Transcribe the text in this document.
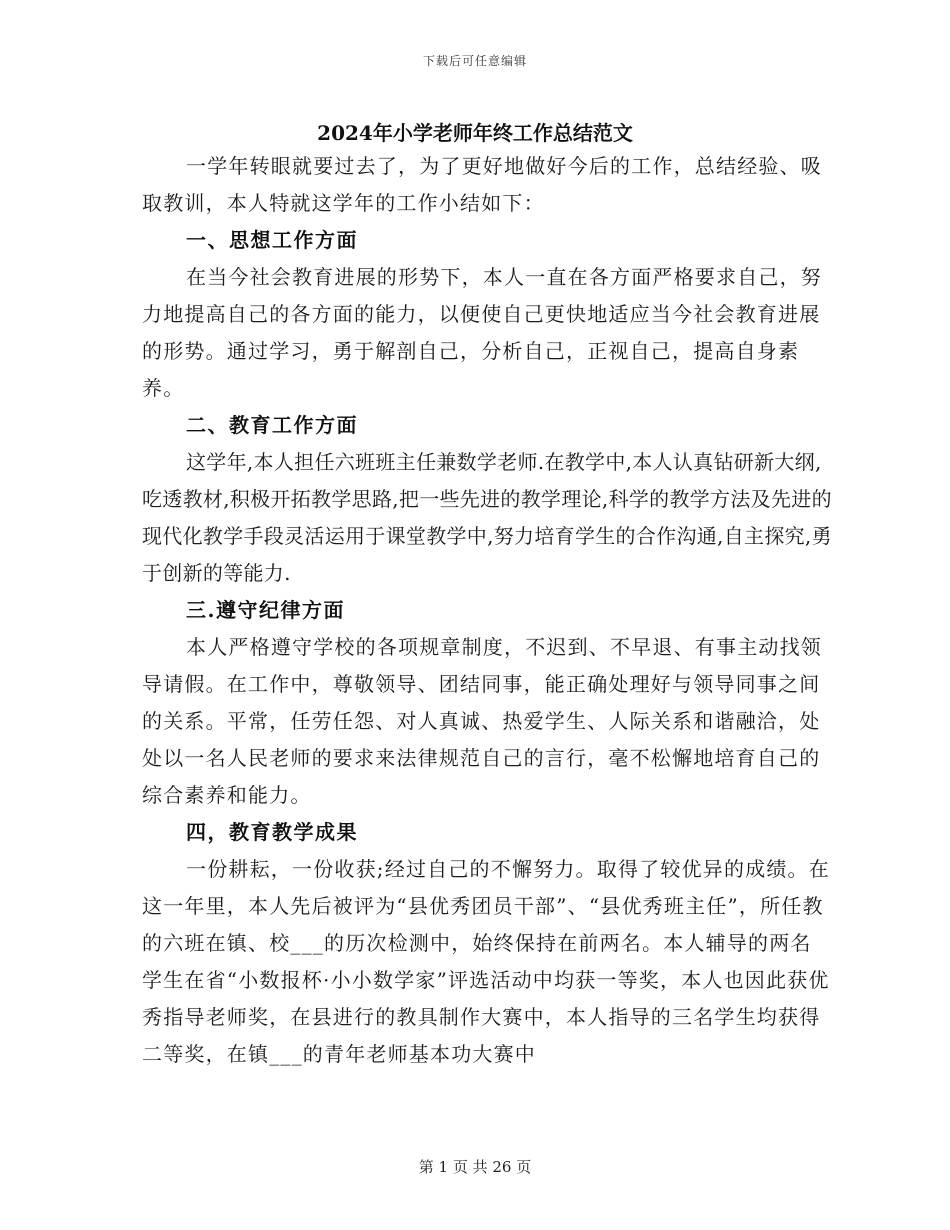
下载后可任意编辑
2024年小学老师年终工作总结范文

一学年转眼就要过去了，为了更好地做好今后的工作，总结经验、吸取教训，本人特就这学年的工作小结如下：

一、思想工作方面

在当今社会教育进展的形势下，本人一直在各方面严格要求自己，努力地提高自己的各方面的能力，以便使自己更快地适应当今社会教育进展的形势。通过学习，勇于解剖自己，分析自己，正视自己，提高自身素养。

二、教育工作方面

这学年,本人担任六班班主任兼数学老师.在教学中,本人认真钻研新大纲,吃透教材,积极开拓教学思路,把一些先进的教学理论,科学的教学方法及先进的现代化教学手段灵活运用于课堂教学中,努力培育学生的合作沟通,自主探究,勇于创新的等能力.

三.遵守纪律方面

本人严格遵守学校的各项规章制度，不迟到、不早退、有事主动找领导请假。在工作中，尊敬领导、团结同事，能正确处理好与领导同事之间的关系。平常，任劳任怨、对人真诚、热爱学生、人际关系和谐融洽，处处以一名人民老师的要求来法律规范自己的言行，毫不松懈地培育自己的综合素养和能力。

四，教育教学成果

一份耕耘，一份收获;经过自己的不懈努力。取得了较优异的成绩。在这一年里，本人先后被评为“县优秀团员干部”、“县优秀班主任”，所任教的六班在镇、校___的历次检测中，始终保持在前两名。本人辅导的两名学生在省“小数报杯·小小数学家”评选活动中均获一等奖，本人也因此获优秀指导老师奖，在县进行的教具制作大赛中，本人指导的三名学生均获得二等奖，在镇___的青年老师基本功大赛中

第 1 页 共 26 页
